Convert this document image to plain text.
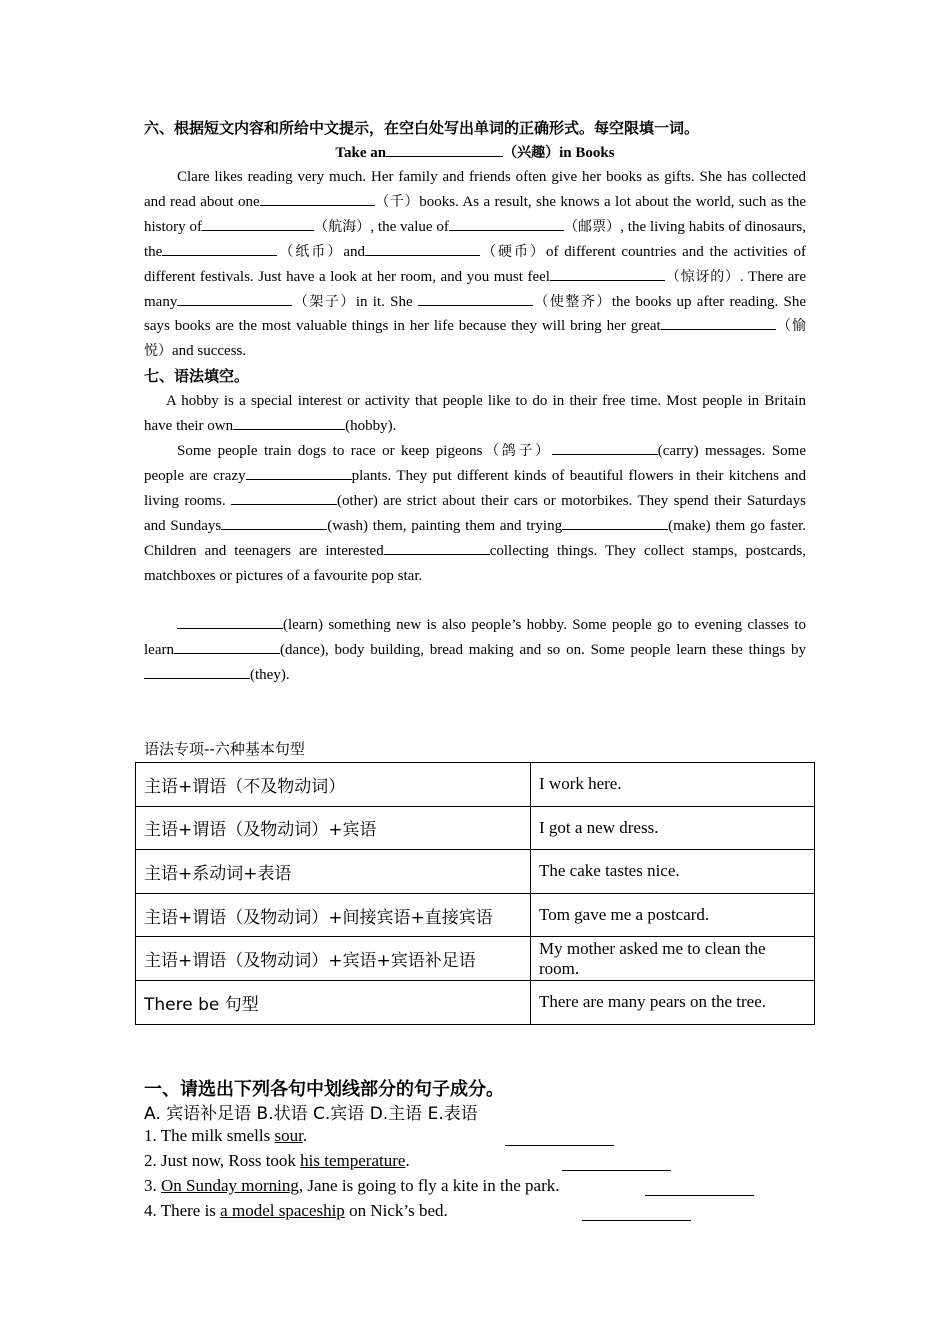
六、根据短文内容和所给中文提示，在空白处写出单词的正确形式。每空限填一词。
Take an	（兴趣）in Books

Clare likes reading very much. Her family and friends often give her books as gifts. She has collected and read about one	（千）books. As a result, she knows a lot about the world, such as the history of	（航海）, the value of	（邮票）, the living habits of dinosaurs, the	（纸币）and	（硬币）of different countries and the activities of different festivals. Just have a look at her room, and you must feel	（惊讶的）. There are many	（架子）in it. She	（使整齐）the books up after reading. She says books are the most valuable things in her life because they will bring her great	（愉悦）and success.

七、语法填空。

A hobby is a special interest or activity that people like to do in their free time. Most people in Britain have their own	(hobby).

Some people train dogs to race or keep pigeons（鸽子）	(carry) messages. Some people are crazy	plants. They put different kinds of beautiful flowers in their kitchens and living rooms.	(other) are strict about their cars or motorbikes. They spend their Saturdays and Sundays	(wash) them, painting them and trying	(make) them go faster. Children and teenagers are interested	collecting things. They collect stamps, postcards, matchboxes or pictures of a favourite pop star.

(learn) something new is also people’s hobby. Some people go to evening classes to learn	(dance), body building, bread making and so on. Some people learn these things by(they).

语法专项--六种基本句型
主语+谓语（不及物动词）	I work here.
主语+谓语（及物动词）+宾语	I got a new dress.
主语+系动词+表语	The cake tastes nice.
主语+谓语（及物动词）+间接宾语+直接宾语	Tom gave me a postcard.
主语+谓语（及物动词）+宾语+宾语补足语	My mother asked me to clean the room.
There be 句型	There are many pears on the tree.
一、请选出下列各句中划线部分的句子成分。
A. 宾语补足语 B.状语 C.宾语 D.主语 E.表语
1. The milk smells sour.
2. Just now, Ross took his temperature.
3. On Sunday morning, Jane is going to fly a kite in the park.
4. There is a model spaceship on Nick’s bed.
